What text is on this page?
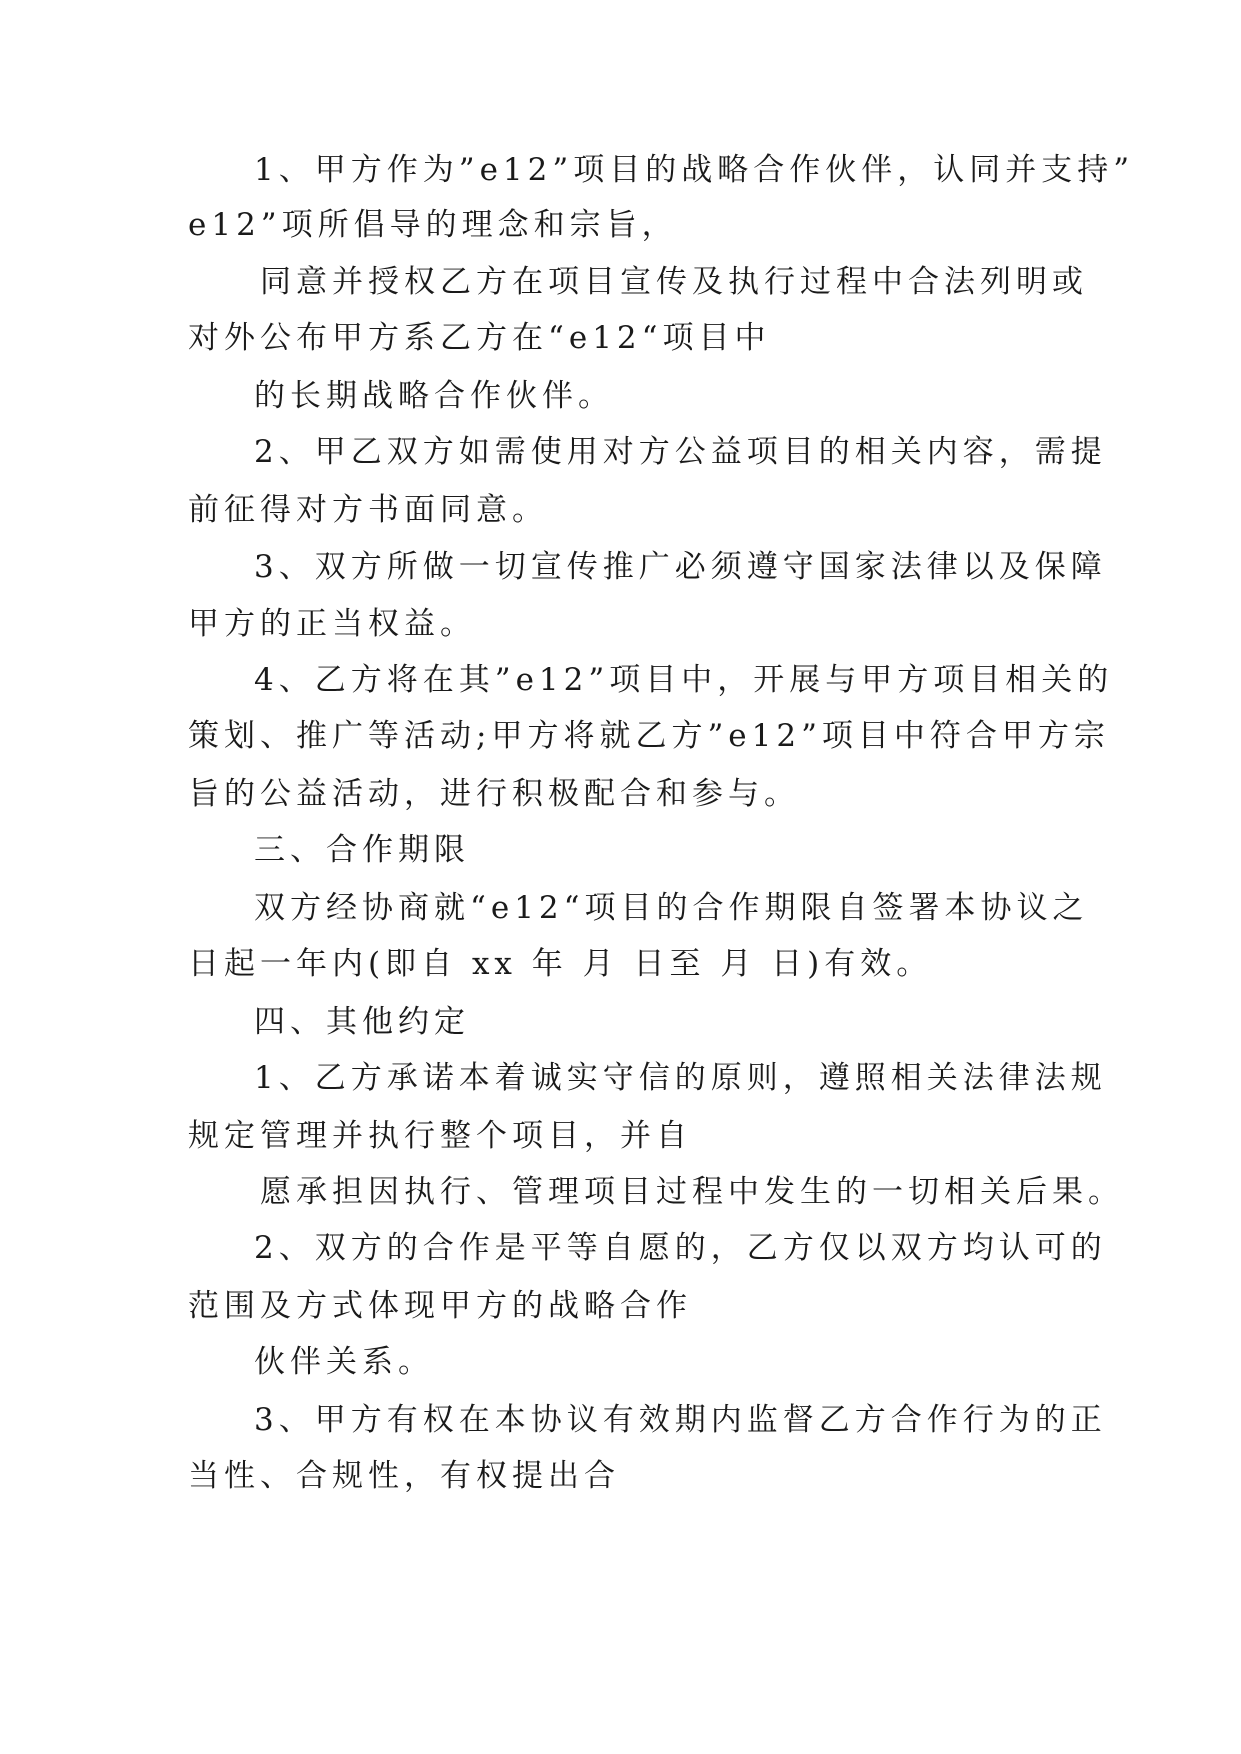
1、甲方作为”e12”项目的战略合作伙伴，认同并支持”
e12”项所倡导的理念和宗旨，
同意并授权乙方在项目宣传及执行过程中合法列明或
对外公布甲方系乙方在“e12“项目中
的长期战略合作伙伴。
2、甲乙双方如需使用对方公益项目的相关内容，需提
前征得对方书面同意。
3、双方所做一切宣传推广必须遵守国家法律以及保障
甲方的正当权益。
4、乙方将在其”e12”项目中，开展与甲方项目相关的
策划、推广等活动;甲方将就乙方”e12”项目中符合甲方宗
旨的公益活动，进行积极配合和参与。
三、合作期限
双方经协商就“e12“项目的合作期限自签署本协议之
日起一年内(即自 xx 年 月 日至 月 日)有效。
四、其他约定
1、乙方承诺本着诚实守信的原则，遵照相关法律法规
规定管理并执行整个项目，并自
愿承担因执行、管理项目过程中发生的一切相关后果。
2、双方的合作是平等自愿的，乙方仅以双方均认可的
范围及方式体现甲方的战略合作
伙伴关系。
3、甲方有权在本协议有效期内监督乙方合作行为的正
当性、合规性，有权提出合
